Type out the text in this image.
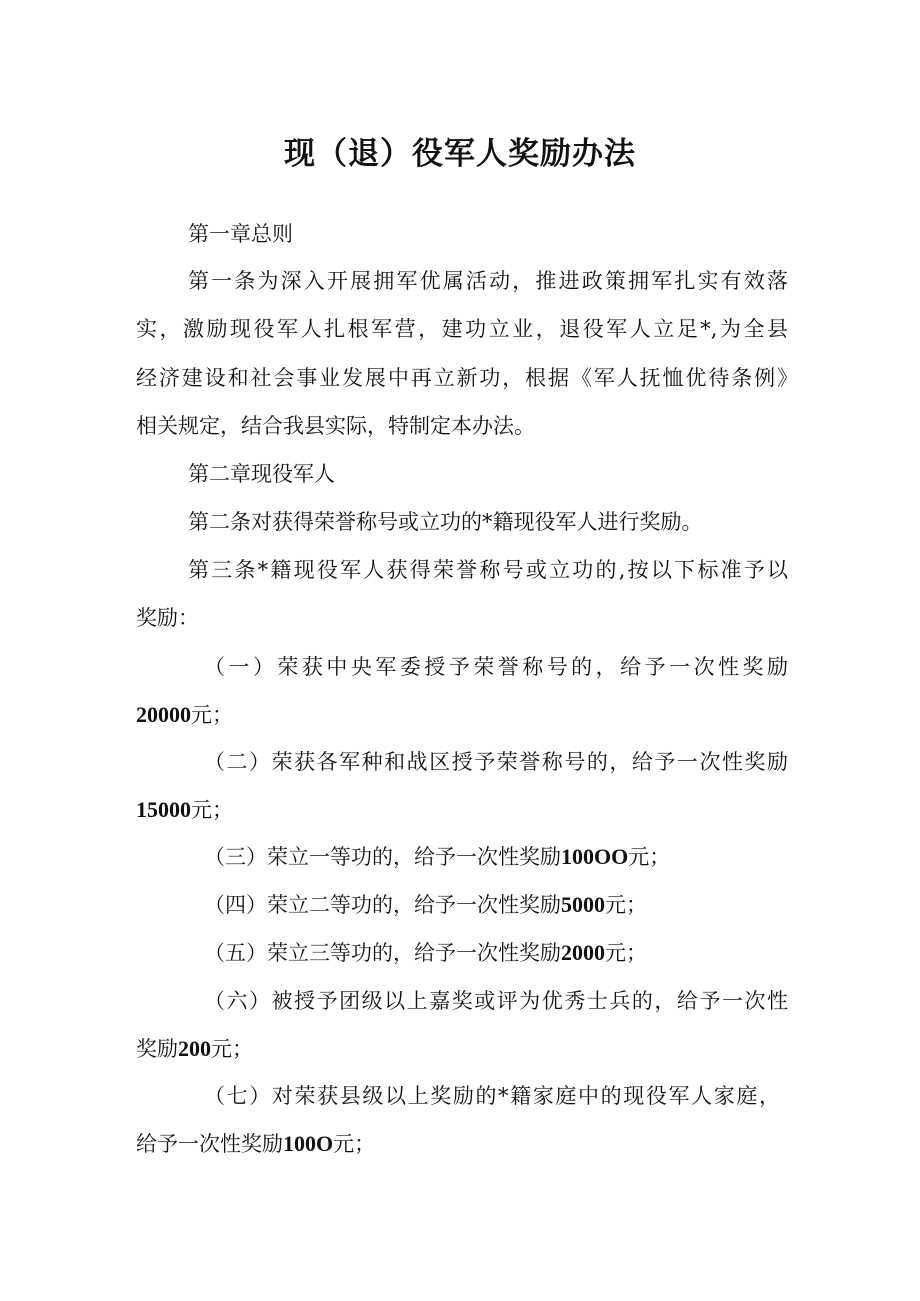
现（退）役军人奖励办法

第一章总则

第一条为深入开展拥军优属活动，推进政策拥军扎实有效落

实，激励现役军人扎根军营，建功立业，退役军人立足*,为全县

经济建设和社会事业发展中再立新功，根据《军人抚恤优待条例》

相关规定，结合我县实际，特制定本办法。

第二章现役军人

第二条对获得荣誉称号或立功的*籍现役军人进行奖励。

第三条*籍现役军人获得荣誉称号或立功的,按以下标准予以

奖励：

（一）荣获中央军委授予荣誉称号的，给予一次性奖励

20000元；

（二）荣获各军种和战区授予荣誉称号的，给予一次性奖励

15000元；

（三）荣立一等功的，给予一次性奖励100OO元；

（四）荣立二等功的，给予一次性奖励5000元；

（五）荣立三等功的，给予一次性奖励2000元；

（六）被授予团级以上嘉奖或评为优秀士兵的，给予一次性

奖励200元；

（七）对荣获县级以上奖励的*籍家庭中的现役军人家庭，

给予一次性奖励100O元；
